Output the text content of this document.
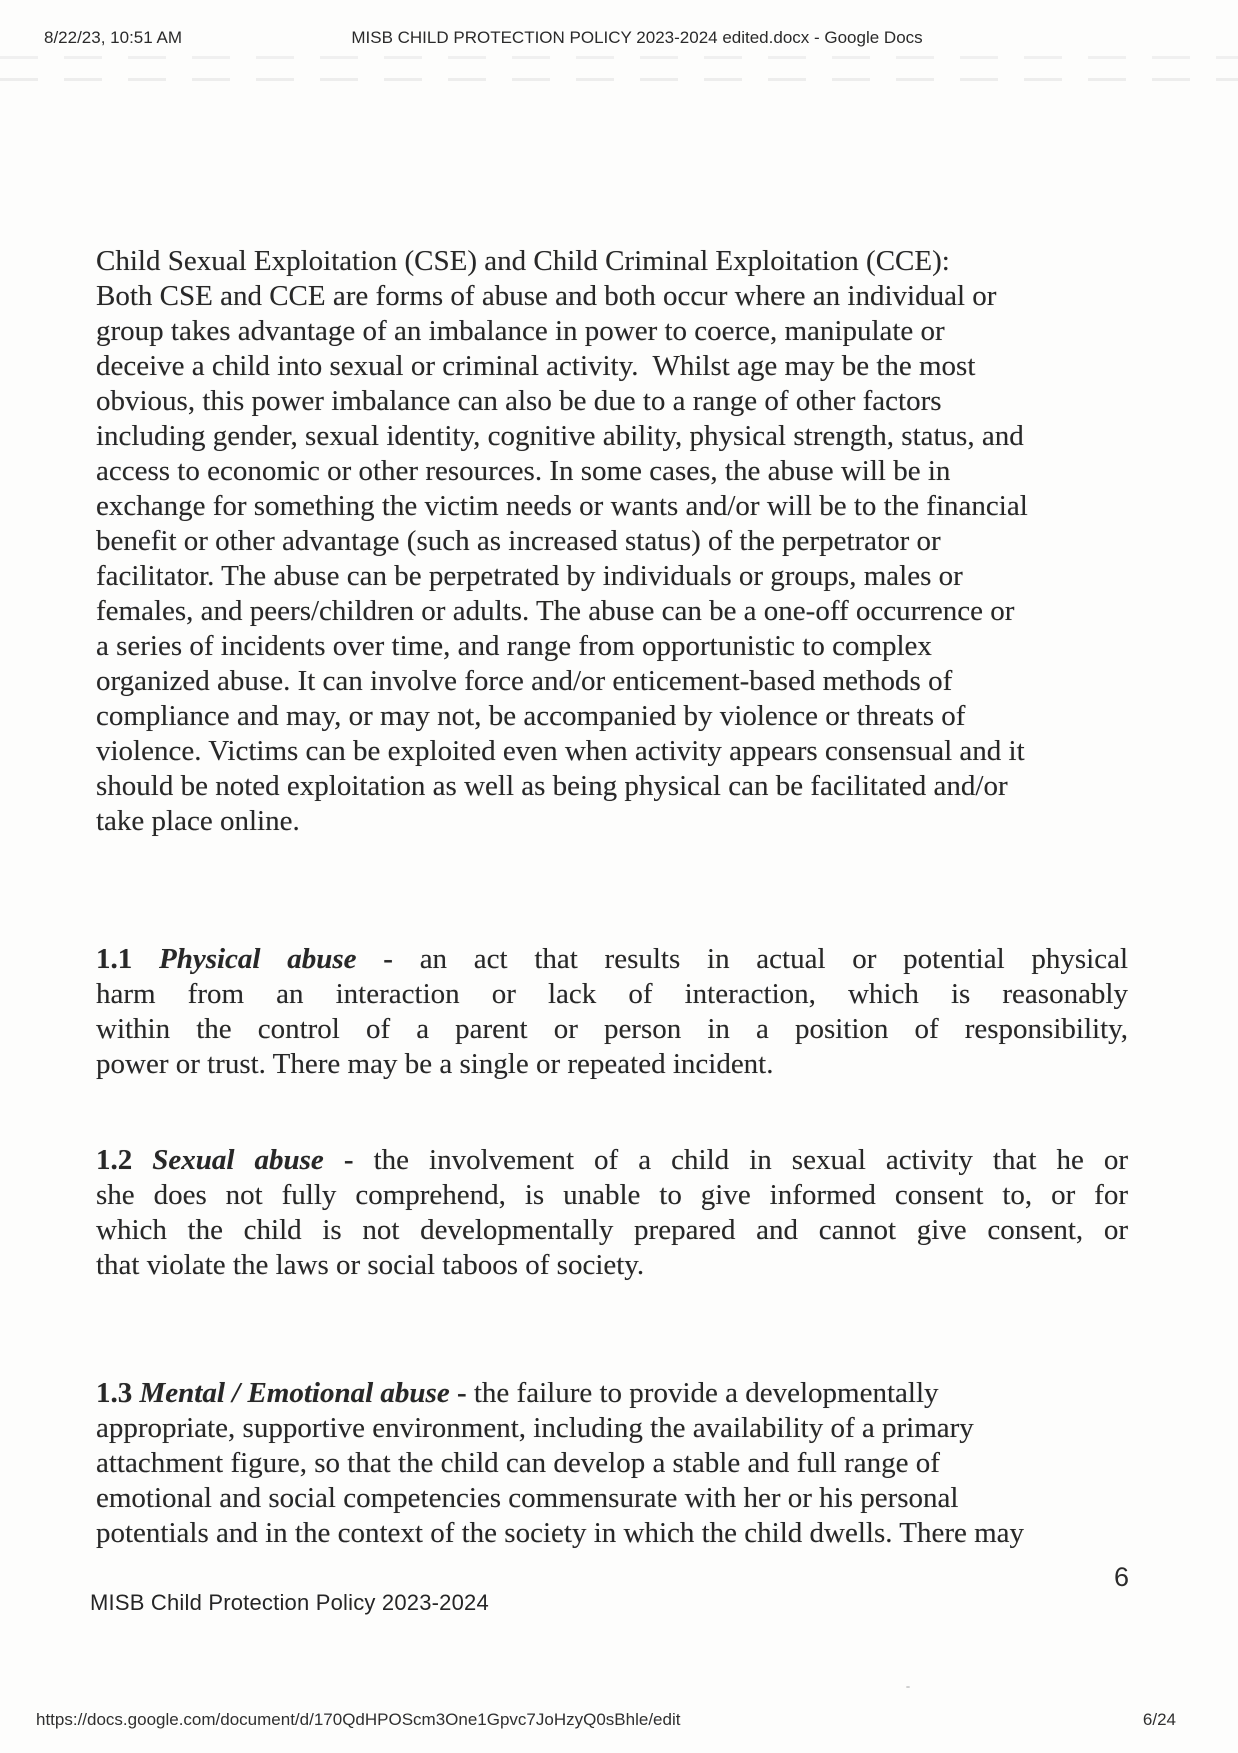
8/22/23, 10:51 AM	MISB CHILD PROTECTION POLICY 2023-2024 edited.docx - Google Docs
Child Sexual Exploitation (CSE) and Child Criminal Exploitation (CCE):
Both CSE and CCE are forms of abuse and both occur where an individual or
group takes advantage of an imbalance in power to coerce, manipulate or
deceive a child into sexual or criminal activity.  Whilst age may be the most
obvious, this power imbalance can also be due to a range of other factors
including gender, sexual identity, cognitive ability, physical strength, status, and
access to economic or other resources. In some cases, the abuse will be in
exchange for something the victim needs or wants and/or will be to the financial
benefit or other advantage (such as increased status) of the perpetrator or
facilitator. The abuse can be perpetrated by individuals or groups, males or
females, and peers/children or adults. The abuse can be a one-off occurrence or
a series of incidents over time, and range from opportunistic to complex
organized abuse. It can involve force and/or enticement-based methods of
compliance and may, or may not, be accompanied by violence or threats of
violence. Victims can be exploited even when activity appears consensual and it
should be noted exploitation as well as being physical can be facilitated and/or
take place online.
1.1 Physical abuse - an act that results in actual or potential physical
harm from an interaction or lack of interaction, which is reasonably
within the control of a parent or person in a position of responsibility,
power or trust. There may be a single or repeated incident.
1.2 Sexual abuse - the involvement of a child in sexual activity that he or
she does not fully comprehend, is unable to give informed consent to, or for
which the child is not developmentally prepared and cannot give consent, or
that violate the laws or social taboos of society.
1.3 Mental / Emotional abuse - the failure to provide a developmentally
appropriate, supportive environment, including the availability of a primary
attachment figure, so that the child can develop a stable and full range of
emotional and social competencies commensurate with her or his personal
potentials and in the context of the society in which the child dwells. There may
6
MISB Child Protection Policy 2023-2024
https://docs.google.com/document/d/170QdHPOScm3One1Gpvc7JoHzyQ0sBhle/edit	6/24
